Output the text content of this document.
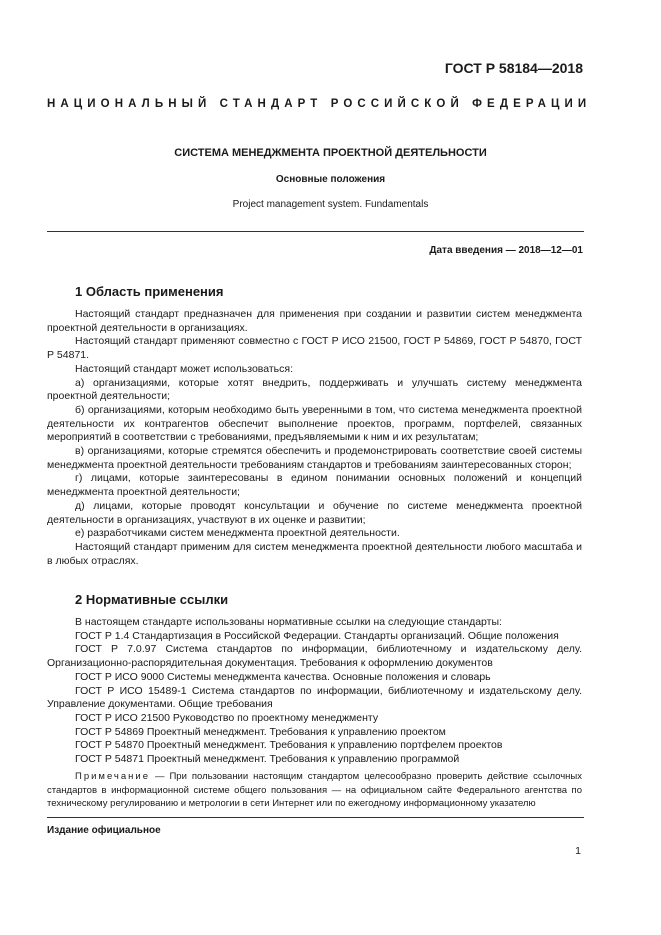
ГОСТ Р 58184—2018
НАЦИОНАЛЬНЫЙ СТАНДАРТ РОССИЙСКОЙ ФЕДЕРАЦИИ
СИСТЕМА МЕНЕДЖМЕНТА ПРОЕКТНОЙ ДЕЯТЕЛЬНОСТИ
Основные положения
Project management system. Fundamentals
Дата введения — 2018—12—01
1 Область применения

Настоящий стандарт предназначен для применения при создании и развитии систем менеджмента проектной деятельности в организациях.

Настоящий стандарт применяют совместно с ГОСТ Р ИСО 21500, ГОСТ Р 54869, ГОСТ Р 54870, ГОСТ Р 54871.

Настоящий стандарт может использоваться:

а) организациями, которые хотят внедрить, поддерживать и улучшать систему менеджмента проектной деятельности;

б) организациями, которым необходимо быть уверенными в том, что система менеджмента проектной деятельности их контрагентов обеспечит выполнение проектов, программ, портфелей, связанных мероприятий в соответствии с требованиями, предъявляемыми к ним и их результатам;

в) организациями, которые стремятся обеспечить и продемонстрировать соответствие своей системы менеджмента проектной деятельности требованиям стандартов и требованиям заинтересованных сторон;

г) лицами, которые заинтересованы в едином понимании основных положений и концепций менеджмента проектной деятельности;

д) лицами, которые проводят консультации и обучение по системе менеджмента проектной деятельности в организациях, участвуют в их оценке и развитии;

е) разработчиками систем менеджмента проектной деятельности.

Настоящий стандарт применим для систем менеджмента проектной деятельности любого масштаба и в любых отраслях.

2 Нормативные ссылки

В настоящем стандарте использованы нормативные ссылки на следующие стандарты:

ГОСТ Р 1.4 Стандартизация в Российской Федерации. Стандарты организаций. Общие положения

ГОСТ Р 7.0.97 Система стандартов по информации, библиотечному и издательскому делу. Организационно-распорядительная документация. Требования к оформлению документов

ГОСТ Р ИСО 9000 Системы менеджмента качества. Основные положения и словарь

ГОСТ Р ИСО 15489-1 Система стандартов по информации, библиотечному и издательскому делу. Управление документами. Общие требования

ГОСТ Р ИСО 21500 Руководство по проектному менеджменту

ГОСТ Р 54869 Проектный менеджмент. Требования к управлению проектом

ГОСТ Р 54870 Проектный менеджмент. Требования к управлению портфелем проектов

ГОСТ Р 54871 Проектный менеджмент. Требования к управлению программой

Примечание — При пользовании настоящим стандартом целесообразно проверить действие ссылочных стандартов в информационной системе общего пользования — на официальном сайте Федерального агентства по техническому регулированию и метрологии в сети Интернет или по ежегодному информационному указателю
Издание официальное
1
